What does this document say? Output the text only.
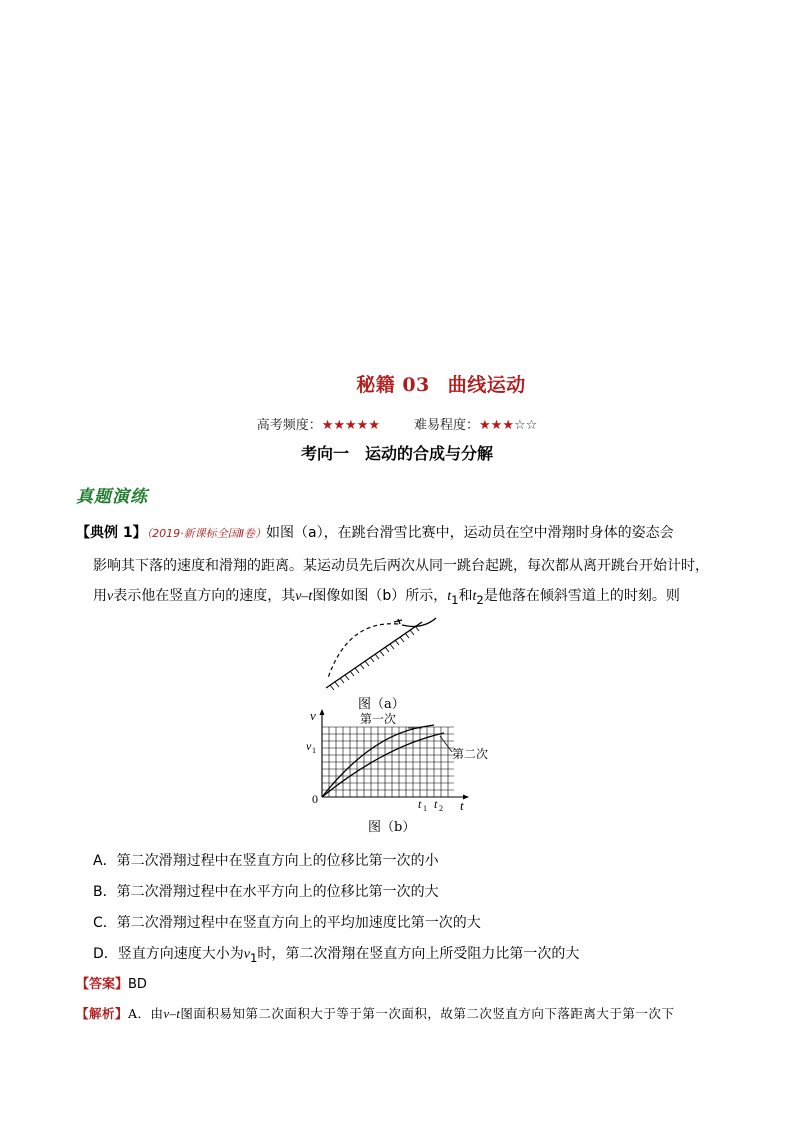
秘籍 03 曲线运动
高考频度：★★★★★	难易程度：★★★☆☆
考向一 运动的合成与分解
真题演练
【典例 1】（2019·新课标全国Ⅱ卷）如图（a），在跳台滑雪比赛中，运动员在空中滑翔时身体的姿态会
影响其下落的速度和滑翔的距离。某运动员先后两次从同一跳台起跳，每次都从离开跳台开始计时，
用v表示他在竖直方向的速度，其v–t图像如图（b）所示，$t_1$和$t_2$是他落在倾斜雪道上的时刻。则
图（a）
v
t
0
v 1
t 1 t 2
第一次
第二次
图（b）
A．第二次滑翔过程中在竖直方向上的位移比第一次的小
B．第二次滑翔过程中在水平方向上的位移比第一次的大
C．第二次滑翔过程中在竖直方向上的平均加速度比第一次的大
D．竖直方向速度大小为$v_1$时，第二次滑翔在竖直方向上所受阻力比第一次的大
【答案】BD
【解析】A．由v–t图面积易知第二次面积大于等于第一次面积，故第二次竖直方向下落距离大于第一次下
